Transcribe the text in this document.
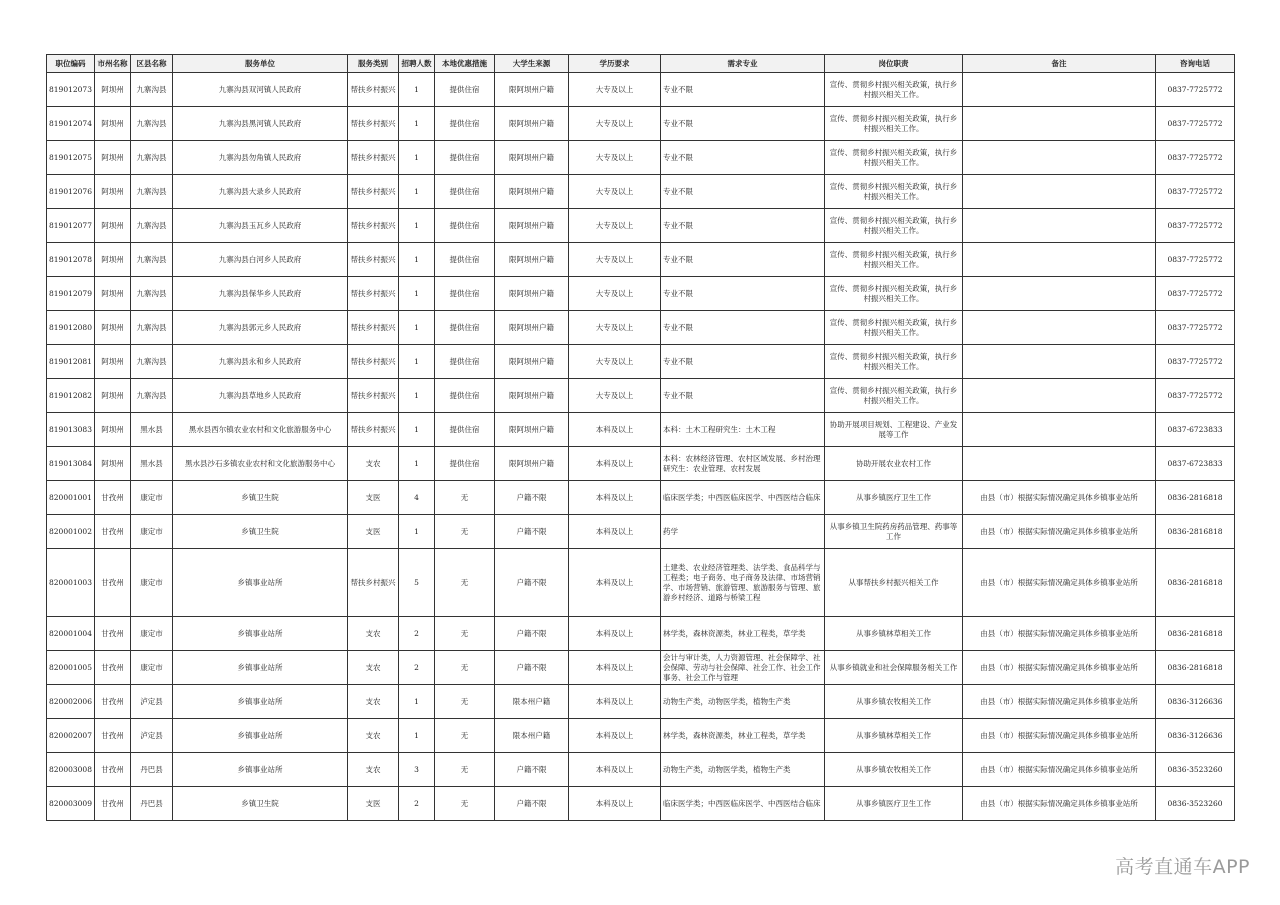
职位编码	市州名称	区县名称	服务单位	服务类别	招聘人数	本地优惠措施	大学生来源	学历要求	需求专业	岗位职责	备注	咨询电话
819012073	阿坝州	九寨沟县	九寨沟县双河镇人民政府	帮扶乡村振兴	1	提供住宿	限阿坝州户籍	大专及以上	专业不限	宣传、贯彻乡村振兴相关政策，执行乡村振兴相关工作。		0837-7725772
819012074	阿坝州	九寨沟县	九寨沟县黑河镇人民政府	帮扶乡村振兴	1	提供住宿	限阿坝州户籍	大专及以上	专业不限	宣传、贯彻乡村振兴相关政策，执行乡村振兴相关工作。		0837-7725772
819012075	阿坝州	九寨沟县	九寨沟县勿角镇人民政府	帮扶乡村振兴	1	提供住宿	限阿坝州户籍	大专及以上	专业不限	宣传、贯彻乡村振兴相关政策，执行乡村振兴相关工作。		0837-7725772
819012076	阿坝州	九寨沟县	九寨沟县大录乡人民政府	帮扶乡村振兴	1	提供住宿	限阿坝州户籍	大专及以上	专业不限	宣传、贯彻乡村振兴相关政策，执行乡村振兴相关工作。		0837-7725772
819012077	阿坝州	九寨沟县	九寨沟县玉瓦乡人民政府	帮扶乡村振兴	1	提供住宿	限阿坝州户籍	大专及以上	专业不限	宣传、贯彻乡村振兴相关政策，执行乡村振兴相关工作。		0837-7725772
819012078	阿坝州	九寨沟县	九寨沟县白河乡人民政府	帮扶乡村振兴	1	提供住宿	限阿坝州户籍	大专及以上	专业不限	宣传、贯彻乡村振兴相关政策，执行乡村振兴相关工作。		0837-7725772
819012079	阿坝州	九寨沟县	九寨沟县保华乡人民政府	帮扶乡村振兴	1	提供住宿	限阿坝州户籍	大专及以上	专业不限	宣传、贯彻乡村振兴相关政策，执行乡村振兴相关工作。		0837-7725772
819012080	阿坝州	九寨沟县	九寨沟县郭元乡人民政府	帮扶乡村振兴	1	提供住宿	限阿坝州户籍	大专及以上	专业不限	宣传、贯彻乡村振兴相关政策，执行乡村振兴相关工作。		0837-7725772
819012081	阿坝州	九寨沟县	九寨沟县永和乡人民政府	帮扶乡村振兴	1	提供住宿	限阿坝州户籍	大专及以上	专业不限	宣传、贯彻乡村振兴相关政策，执行乡村振兴相关工作。		0837-7725772
819012082	阿坝州	九寨沟县	九寨沟县草地乡人民政府	帮扶乡村振兴	1	提供住宿	限阿坝州户籍	大专及以上	专业不限	宣传、贯彻乡村振兴相关政策，执行乡村振兴相关工作。		0837-7725772
819013083	阿坝州	黑水县	黑水县西尔镇农业农村和文化旅游服务中心	帮扶乡村振兴	1	提供住宿	限阿坝州户籍	本科及以上	本科：土木工程研究生：土木工程	协助开展项目规划、工程建设、产业发展等工作		0837-6723833
819013084	阿坝州	黑水县	黑水县沙石多镇农业农村和文化旅游服务中心	支农	1	提供住宿	限阿坝州户籍	本科及以上	本科：农林经济管理、农村区域发展、乡村治理研究生：农业管理、农村发展	协助开展农业农村工作		0837-6723833
820001001	甘孜州	康定市	乡镇卫生院	支医	4	无	户籍不限	本科及以上	临床医学类；中西医临床医学、中西医结合临床	从事乡镇医疗卫生工作	由县（市）根据实际情况确定具体乡镇事业站所	0836-2816818
820001002	甘孜州	康定市	乡镇卫生院	支医	1	无	户籍不限	本科及以上	药学	从事乡镇卫生院药房药品管理、药事等工作	由县（市）根据实际情况确定具体乡镇事业站所	0836-2816818
820001003	甘孜州	康定市	乡镇事业站所	帮扶乡村振兴	5	无	户籍不限	本科及以上	土建类、农业经济管理类、法学类、食品科学与工程类；电子商务、电子商务及法律、市场营销学、市场营销、旅游管理、旅游服务与管理、旅游乡村经济、道路与桥梁工程	从事帮扶乡村振兴相关工作	由县（市）根据实际情况确定具体乡镇事业站所	0836-2816818
820001004	甘孜州	康定市	乡镇事业站所	支农	2	无	户籍不限	本科及以上	林学类，森林资源类，林业工程类，草学类	从事乡镇林草相关工作	由县（市）根据实际情况确定具体乡镇事业站所	0836-2816818
820001005	甘孜州	康定市	乡镇事业站所	支农	2	无	户籍不限	本科及以上	会计与审计类，人力资源管理、社会保障学、社会保障、劳动与社会保障、社会工作、社会工作事务、社会工作与管理	从事乡镇就业和社会保障服务相关工作	由县（市）根据实际情况确定具体乡镇事业站所	0836-2816818
820002006	甘孜州	泸定县	乡镇事业站所	支农	1	无	限本州户籍	本科及以上	动物生产类，动物医学类，植物生产类	从事乡镇农牧相关工作	由县（市）根据实际情况确定具体乡镇事业站所	0836-3126636
820002007	甘孜州	泸定县	乡镇事业站所	支农	1	无	限本州户籍	本科及以上	林学类，森林资源类，林业工程类，草学类	从事乡镇林草相关工作	由县（市）根据实际情况确定具体乡镇事业站所	0836-3126636
820003008	甘孜州	丹巴县	乡镇事业站所	支农	3	无	户籍不限	本科及以上	动物生产类，动物医学类，植物生产类	从事乡镇农牧相关工作	由县（市）根据实际情况确定具体乡镇事业站所	0836-3523260
820003009	甘孜州	丹巴县	乡镇卫生院	支医	2	无	户籍不限	本科及以上	临床医学类；中西医临床医学、中西医结合临床	从事乡镇医疗卫生工作	由县（市）根据实际情况确定具体乡镇事业站所	0836-3523260
高考直通车APP
